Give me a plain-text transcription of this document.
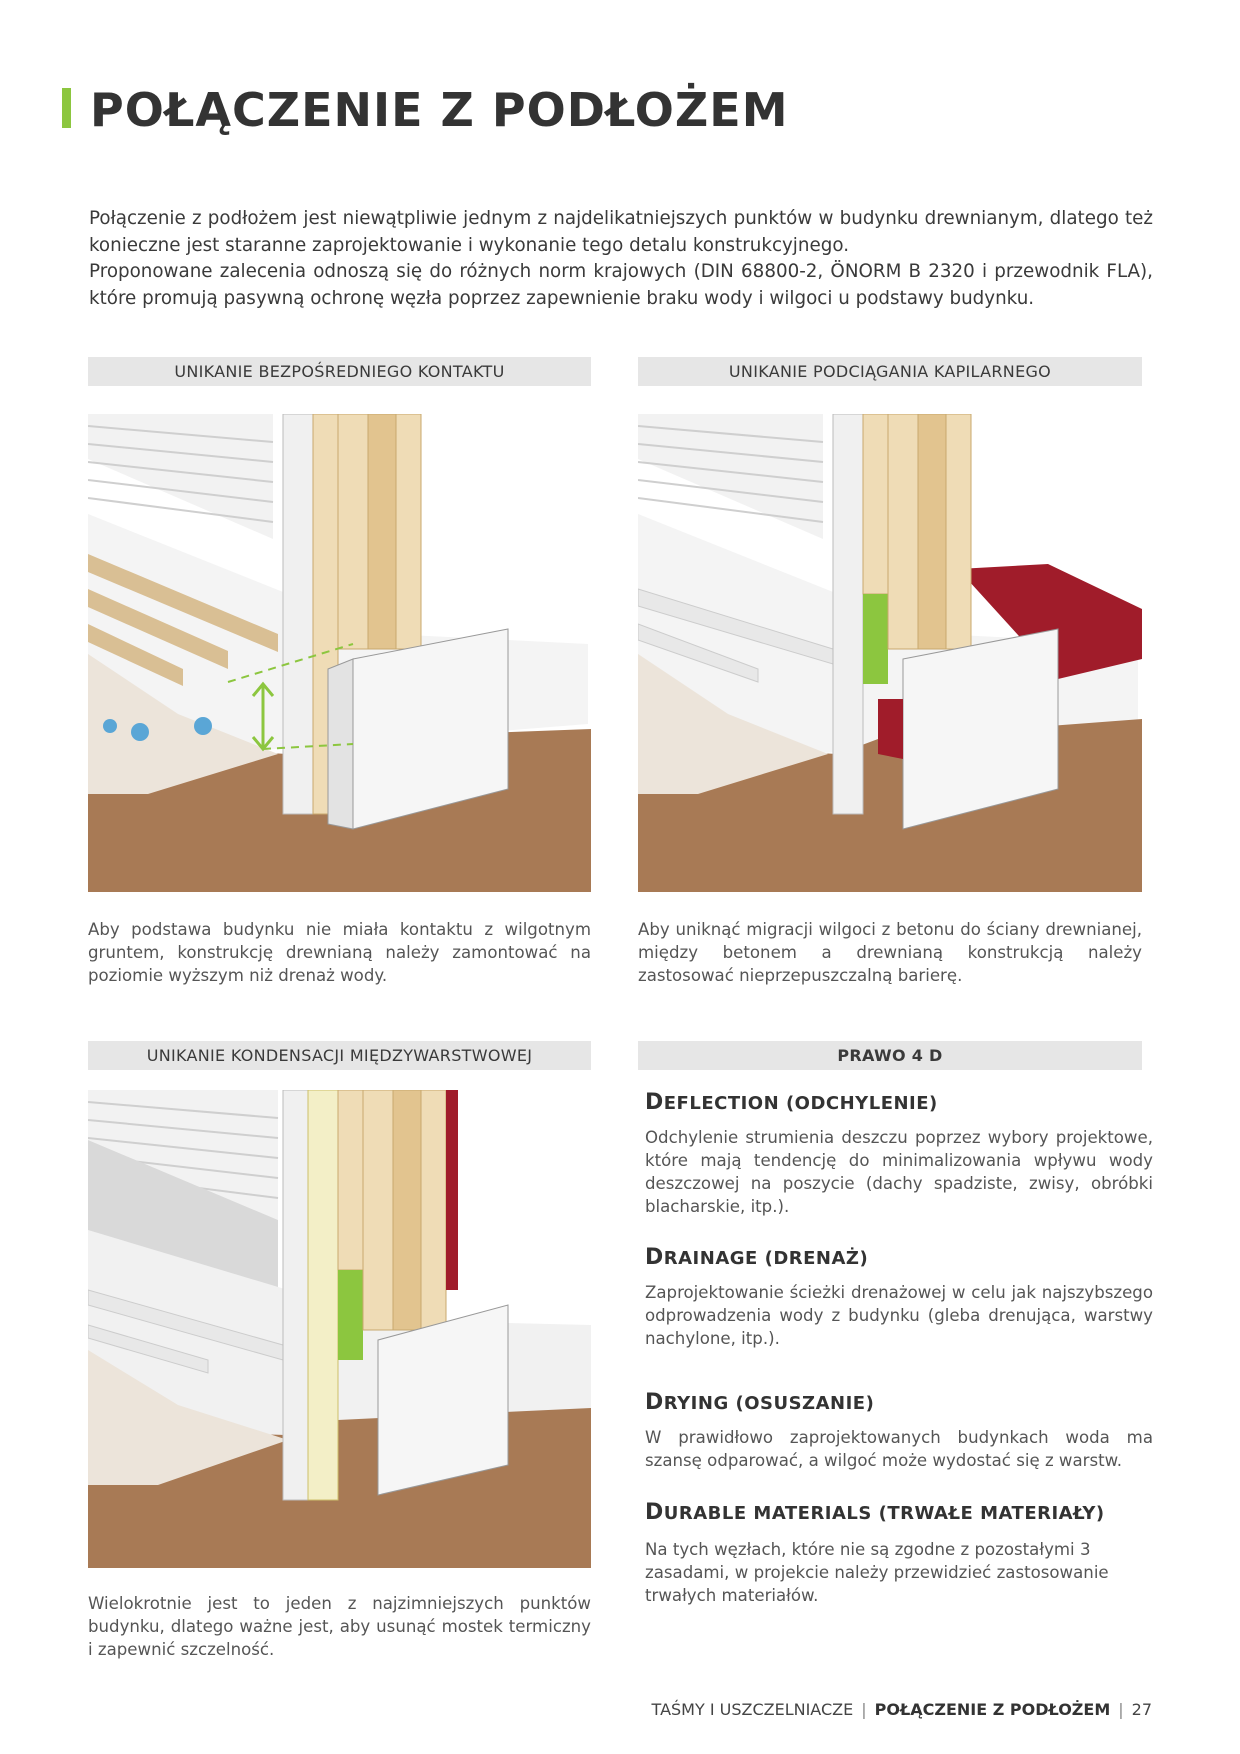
POŁĄCZENIE Z PODŁOŻEM

Połączenie z podłożem jest niewątpliwie jednym z najdelikatniejszych punktów w budynku drewnianym, dlatego też konieczne jest staranne zaprojektowanie i wykonanie tego detalu konstrukcyjnego.

Proponowane zalecenia odnoszą się do różnych norm krajowych (DIN 68800-2, ÖNORM B 2320 i przewodnik FLA), które promują pasywną ochronę węzła poprzez zapewnienie braku wody i wilgoci u podstawy budynku.

UNIKANIE BEZPOŚREDNIEGO KONTAKTU
Aby podstawa budynku nie miała kontaktu z wilgotnym gruntem, konstrukcję drewnianą należy zamontować na poziomie wyższym niż drenaż wody.
UNIKANIE PODCIĄGANIA KAPILARNEGO
Aby uniknąć migracji wilgoci z betonu do ściany drewnianej, między betonem a drewnianą konstrukcją należy zastosować nieprzepuszczalną barierę.
UNIKANIE KONDENSACJI MIĘDZYWARSTWOWEJ
Wielokrotnie jest to jeden z najzimniejszych punktów budynku, dlatego ważne jest, aby usunąć mostek termiczny i zapewnić szczelność.
PRAWO 4 D
DEFLECTION (ODCHYLENIE)
Odchylenie strumienia deszczu poprzez wybory projektowe, które mają tendencję do minimalizowania wpływu wody deszczowej na poszycie (dachy spadziste, zwisy, obróbki blacharskie, itp.).
DRAINAGE (DRENAŻ)
Zaprojektowanie ścieżki drenażowej w celu jak najszybszego odprowadzenia wody z budynku (gleba drenująca, warstwy nachylone, itp.).
DRYING (OSUSZANIE)
W prawidłowo zaprojektowanych budynkach woda ma szansę odparować, a wilgoć może wydostać się z warstw.
DURABLE MATERIALS (TRWAŁE MATERIAŁY)
Na tych węzłach, które nie są zgodne z pozostałymi 3 zasadami, w projekcie należy przewidzieć zastosowanie trwałych materiałów.
TAŚMY I USZCZELNIACZE | POŁĄCZENIE Z PODŁOŻEM | 27
